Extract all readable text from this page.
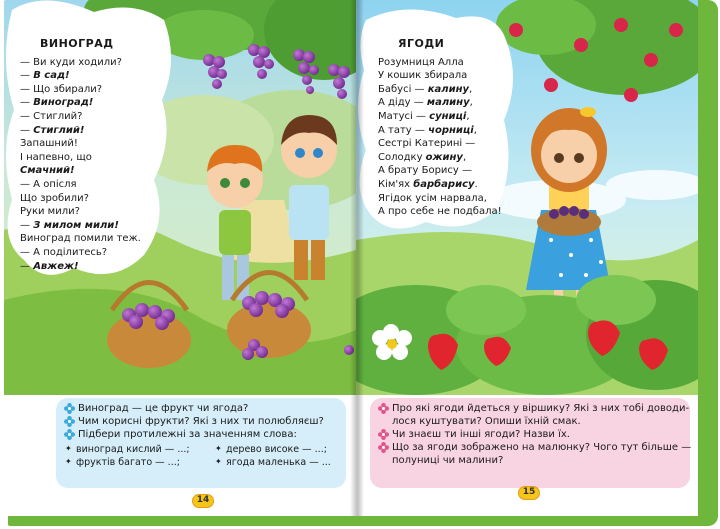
ВИНОГРАД
— Ви куди ходили?
— В сад!
— Що збирали?
— Виноград!
— Стиглий?
— Стиглий!
Запашний!
І напевно, що
Смачний!
— А опісля
Що зробили?
Руки мили?
— З милом мили!
Виноград помили теж.
— А поділитесь?
— Авжеж!
Виноград — це фрукт чи ягода?
Чим корисні фрукти? Які з них ти полюбляєш?
Підбери протилежні за значенням слова:
✦ виноград кислий — ...;	✦ дерево високе — ...;
✦ фруктів багато — ...;	✦ ягода маленька — ...
14
ЯГОДИ
Розумниця Алла
У кошик збирала
Бабусі — калину,
А діду — малину,
Матусі — суниці,
А тату — чорниці,
Сестрі Катерині —
Солодку ожину,
А брату Борису —
Кім'ях барбарису.
Ягідок усім нарвала,
А про себе не подбала!
Про які ягоди йдеться у віршику? Які з них тобі доводи-
лося куштувати? Опиши їхній смак.
Чи знаєш ти інші ягоди? Назви їх.
Що за ягоди зображено на малюнку? Чого тут більше —
полуниці чи малини?
15
